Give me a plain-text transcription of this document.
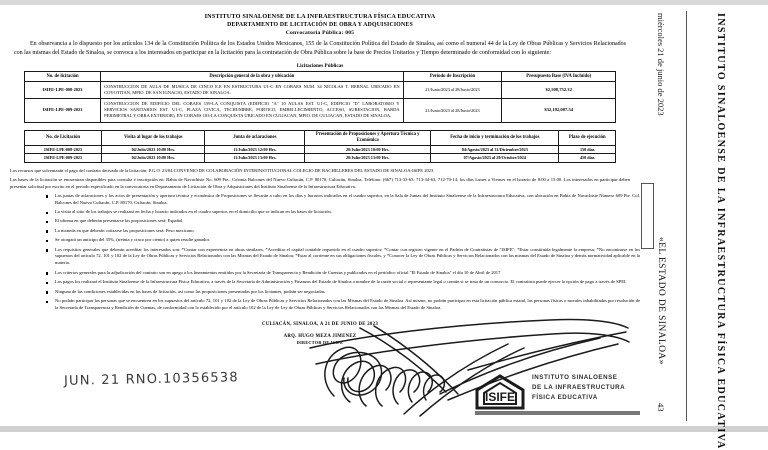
INSTITUTO SINALOENSE DE LA INFRAESTRUCTURA FÍSICA EDUCATIVA
DEPARTAMENTO DE LICITACIÓN DE OBRA Y ADQUISICIONES
Convocatoria Pública: 005
En observancia a lo dispuesto por los artículos 134 de la Constitución Política de los Estados Unidos Mexicanos, 155 de la Constitución Política del Estado de Sinaloa, así como el numeral 44 de la Ley de Obras Públicas y Servicios Relacionados con las mismas del Estado de Sinaloa, se convoca a los interesados en participar en la licitación para la contratación de Obra Pública sobre la base de Precios Unitarios y Tiempo determinado de conformidad con lo siguiente:
Licitaciones Públicas
No. de licitación	Descripción general de la obra y ubicación	Período de Inscripción	Presupuesto Base (IVA Incluido)
ISIFE-LPE-008-2023	CONSTRUCCION DE AULA DE MUSICA DE CINCO E.E EN ESTRUCTURA U1-C EN COBAES NUM. 34 NICOLAS T. BERNAL UBICADO EN COYOTITAN, MPIO. DE SAN IGNACIO, ESTADO DE SINALOA.	21/Junio/2023 al 28/Junio/2023	$2,508,752.32
ISIFE-LPE-009-2023	CONSTRUCCION DE EDIFICIO DEL COBAES 159-LA CONQUISTA (EDIFICIO "A" 10 AULAS EST. U1-C, EDIFICIO "D" LABORATORIO Y SERVICIOS SANITARIOS EST. U1-C, PLAZA CIVICA, TECHUMBRE, PORTICO, EMBELLECIMIENTO, ACCESO, SUBESTACION, BARDA PERIMETRAL Y OBRA EXTERIOR), EN COBAES 103-LA CONQUISTA UBICADO EN CULIACAN, MPIO. DE CULIACAN, ESTADO DE SINALOA.	21/Junio/2023 al 28/Junio/2023	$32,102,007.54
No. de Licitación	Visita al lugar de los trabajos	Junta de aclaraciones	Presentación de Proposiciones y Apertura Técnica y Económica	Fecha de inicio y terminación de los trabajos	Plazo de ejecución
ISIFE-LPE-008-2023	04/Julio/2023 10:00 Hrs.	11/Julio/2023 12:00 Hrs.	20/Julio/2023 10:00 Hrs.	04/Agosto/2023 al 31/Diciembre/2023	150 días
ISIFE-LPE-009-2023	04/Julio/2023 10:00 Hrs.	11/Julio/2023 13:00 Hrs.	20/Julio/2023 13:00 Hrs.	07/Agosto/2023 al 29/Octubre/2024	450 días

Los recursos que solventarán el pago del contrato derivado de la licitación: P.G.O. 23/04 CONVENIO DE COLABORACIÓN INTERINSTITUCIONAL COLEGIO DE BACHILLERES DEL ESTADO DE SINALOA-ISIFE 2023

Las bases de la licitación se encuentran disponibles para consulta e inscripción en: Bahía de Navachiste No. 609 Pte., Colonia Balcones del Nuevo Culiacán, C.P. 80170, Culiacán, Sinaloa, Teléfono: (667) 713-33-63; 713-34-63, 712-70-14, los días Lunes a Viernes en el horario de 8:00 a 15:00. Los interesados en participar deben presentar solicitud por escrito en el periodo especificado en la convocatoria en Departamento de Licitación de Obra y Adquisiciones del Instituto Sinaloense de la Infraestructura Educativa.

Las juntas de aclaraciones y los actos de presentación y apertura técnica y económica de Proposiciones se llevarán a cabo en los días y horarios indicados en el cuadro superior, en la Sala de Juntas del Instituto Sinaloense de la Infraestructura Educativa, con ubicación en Bahía de Navachiste Número 609 Pte. Col. Balcones del Nuevo Culiacán, C.P. 80170, Culiacán, Sinaloa.
La visita al sitio de los trabajos se realizará en fecha y horario indicados en el cuadro superior, en el domicilio que se indican en las bases de licitación.
El idioma en que deberán presentarse las proposiciones será: Español.
La moneda en que deberán cotizarse las proposiciones será: Peso mexicano.
Se otorgará un anticipo del 35%, (treinta y cinco por ciento) a quien resulte ganador.
Los requisitos generales que deberán acreditar los interesados son: *Contar con experiencia en obras similares, *Acreditar el capital contable requerido en el cuadro superior; *Contar con registro vigente en el Padrón de Contratistas de "ISIFE"; *Estar constituida legalmente la empresa; *No encontrarse en los supuestos del artículo 72, 101 y 102 de la Ley de Obras Públicas y Servicios Relacionados con las Mismas del Estado de Sinaloa; *Estar al corriente en sus obligaciones fiscales, y *Conocer la Ley de Obras Públicas y Servicios Relacionados con las mismas del Estado de Sinaloa y demás normatividad aplicable en la materia.
Los criterios generales para la adjudicación del contrato son en apego a los lineamientos emitidos por la Secretaría de Transparencia y Rendición de Cuentas y publicados en el periódico oficial "El Estado de Sinaloa" el día 10 de Abril de 2017.
Los pagos los realizará el Instituto Sinaloense de la Infraestructura Física Educativa, a través de la Secretaría de Administración y Finanzas del Estado de Sinaloa a nombre de la razón social o representante legal o común si se trata de un consorcio. El contratista puede ejercer la opción de pago a través de SPEI.
Ninguna de las condiciones establecidas en las bases de licitación, así como las proposiciones presentadas por los licitantes, podrán ser negociadas.
No podrán participar las personas que se encuentren en los supuestos del artículo 72, 101 y 102 de la Ley de Obras Públicas y Servicios Relacionados con las Mismas del Estado de Sinaloa. Así mismo, no podrán participar en esta licitación pública estatal, las personas físicas o morales inhabilitadas por resolución de la Secretaría de Transparencia y Rendición de Cuentas, de conformidad con lo establecido por el artículo 102 de la Ley de Ley de Obras Públicas y Servicios Relacionados con las Mismas del Estado de Sinaloa.
CULIACÁN, SINALOA, A 21 DE JUNIO DE 2023
ARQ. HUGO MEZA JIMENEZ
DIRECTOR DE ISIFE
JUN. 21 RNO.10356538
ISIFE
INSTITUTO SINALOENSE
DE LA INFRAESTRUCTURA
FÍSICA EDUCATIVA
miércoles 21 de junio de 2023
«EL ESTADO DE SINALOA»
43	INSTITUTO SINALOENSE DE LA INFRAESTRUCTURA FÍSICA EDUCATIVA
